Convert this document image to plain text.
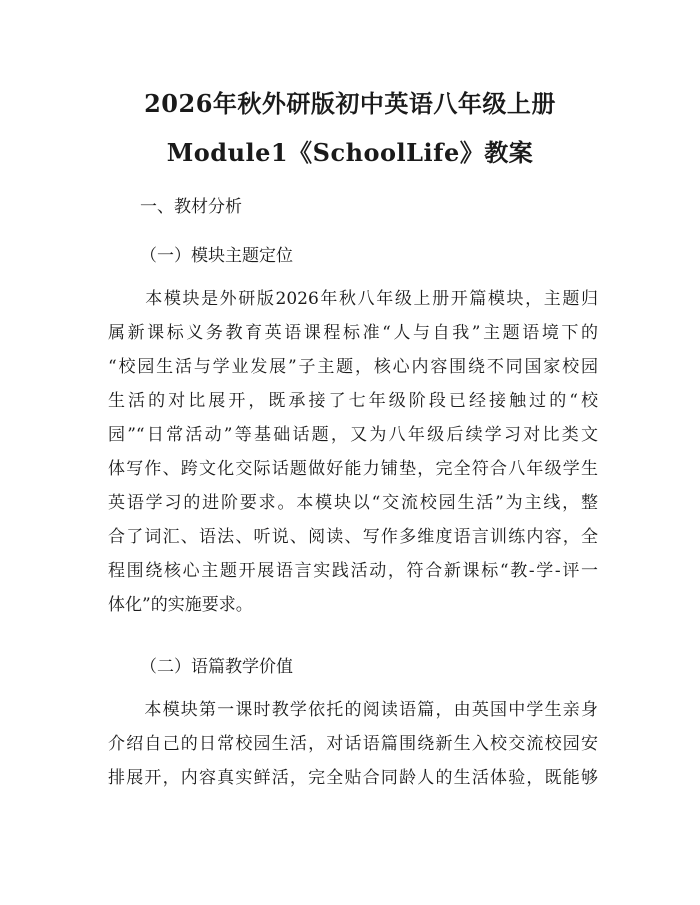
2026年秋外研版初中英语八年级上册
Module1《SchoolLife》教案
一、教材分析
（一）模块主题定位
　　本模块是外研版2026年秋八年级上册开篇模块，主题归
属新课标义务教育英语课程标准“人与自我”主题语境下的
“校园生活与学业发展”子主题，核心内容围绕不同国家校园
生活的对比展开，既承接了七年级阶段已经接触过的“校
园”“日常活动”等基础话题，又为八年级后续学习对比类文
体写作、跨文化交际话题做好能力铺垫，完全符合八年级学生
英语学习的进阶要求。本模块以“交流校园生活”为主线，整
合了词汇、语法、听说、阅读、写作多维度语言训练内容，全
程围绕核心主题开展语言实践活动，符合新课标“教-学-评一
体化”的实施要求。
（二）语篇教学价值
　　本模块第一课时教学依托的阅读语篇，由英国中学生亲身
介绍自己的日常校园生活，对话语篇围绕新生入校交流校园安
排展开，内容真实鲜活，完全贴合同龄人的生活体验，既能够
